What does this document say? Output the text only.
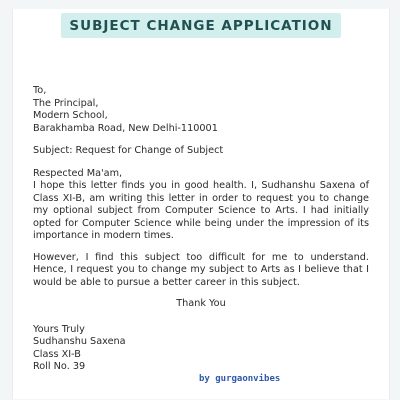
SUBJECT CHANGE APPLICATION
To,
The Principal,
Modern School,
Barakhamba Road, New Delhi-110001

Subject: Request for Change of Subject

Respected Ma'am,

I hope this letter finds you in good health. I, Sudhanshu Saxena of Class XI-B, am writing this letter in order to request you to change my optional subject from Computer Science to Arts. I had initially opted for Computer Science while being under the impression of its importance in modern times.

However, I find this subject too difficult for me to understand. Hence, I request you to change my subject to Arts as I believe that I would be able to pursue a better career in this subject.

Thank You

Yours Truly
Sudhanshu Saxena
Class XI-B
Roll No. 39
by gurgaonvibes
